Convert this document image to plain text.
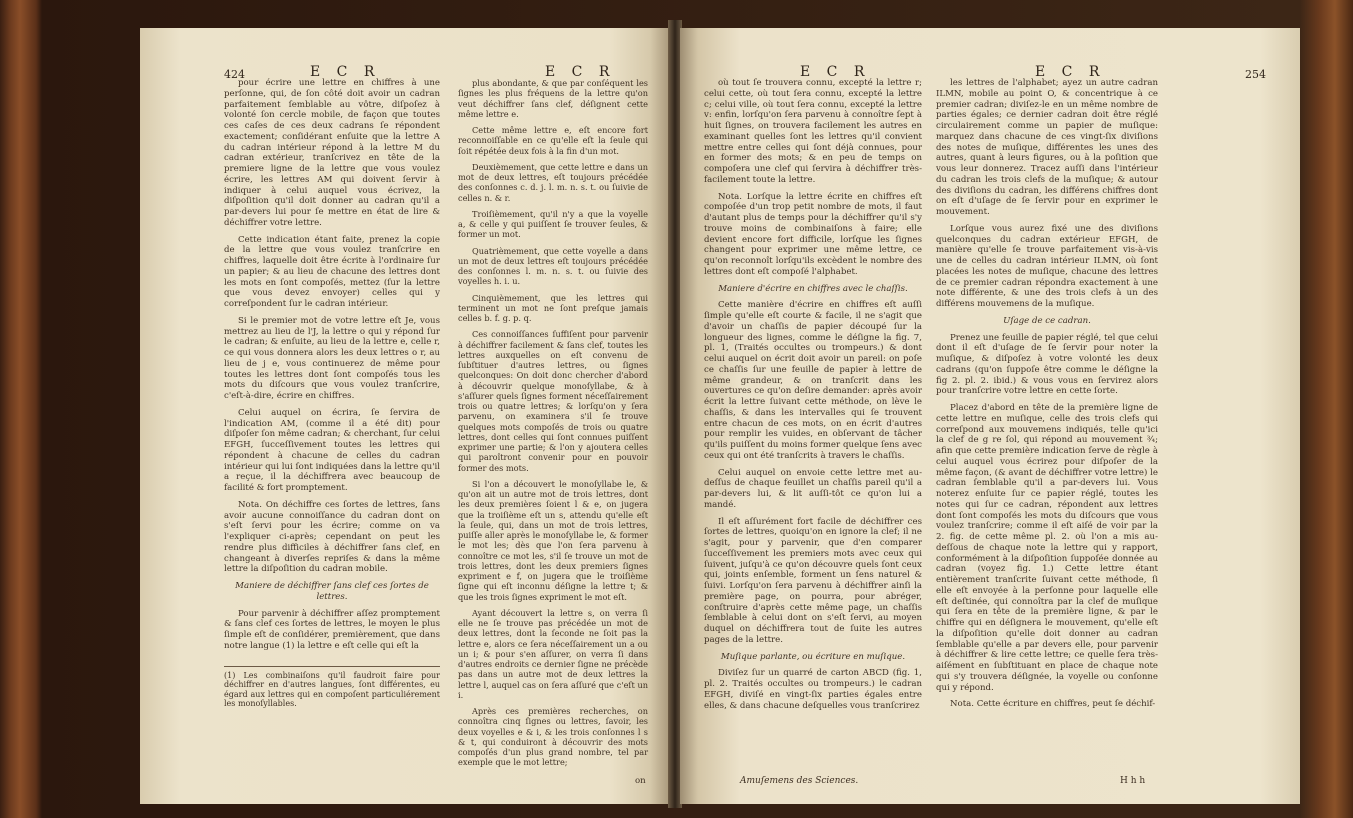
424	E C R	E C R

pour écrire une lettre en chiffres à une perſonne, qui, de ſon côté doit avoir un cadran parfaitement ſemblable au vôtre, diſpoſez à volonté ſon cercle mobile, de façon que toutes ces caſes de ces deux cadrans ſe répondent exactement; conſidérant enſuite que la lettre A du cadran intérieur répond à la lettre M du cadran extérieur, tranſcrivez en tête de la premiere ligne de la lettre que vous voulez écrire, les lettres AM qui doivent ſervir à indiquer à celui auquel vous écrivez, la diſpoſition qu'il doit donner au cadran qu'il a par-devers lui pour ſe mettre en état de lire & déchiffrer votre lettre.

Cette indication étant faite, prenez la copie de la lettre que vous voulez tranſcrire en chiffres, laquelle doit être écrite à l'ordinaire ſur un papier; & au lieu de chacune des lettres dont les mots en ſont compoſés, mettez (ſur la lettre que vous devez envoyer) celles qui y correſpondent ſur le cadran intérieur.

Si le premier mot de votre lettre eſt Je, vous mettrez au lieu de l'J, la lettre o qui y répond ſur le cadran; & enſuite, au lieu de la lettre e, celle r, ce qui vous donnera alors les deux lettres o r, au lieu de j e, vous continuerez de même pour toutes les lettres dont ſont compoſés tous les mots du diſcours que vous voulez tranſcrire, c'eſt-à-dire, écrire en chiffres.

Celui auquel on écrira, ſe ſervira de l'indication AM, (comme il a été dit) pour diſpoſer ſon même cadran; & cherchant, ſur celui EFGH, ſucceſſivement toutes les lettres qui répondent à chacune de celles du cadran intérieur qui lui ſont indiquées dans la lettre qu'il a reçue, il la déchiffrera avec beaucoup de facilité & fort promptement.

Nota. On déchiffre ces ſortes de lettres, ſans avoir aucune connoiſſance du cadran dont on s'eſt ſervi pour les écrire; comme on va l'expliquer ci-après; cependant on peut les rendre plus difficiles à déchiffrer ſans clef, en changeant à diverſes repriſes & dans la même lettre la diſpoſition du cadran mobile.

Maniere de déchiffrer ſans clef ces ſortes de lettres.

Pour parvenir à déchiffrer aſſez promptement & ſans clef ces ſortes de lettres, le moyen le plus ſimple eſt de conſidérer, premièrement, que dans notre langue (1) la lettre e eſt celle qui eſt la

(1) Les combinaiſons qu'il faudroit faire pour déchiffrer en d'autres langues, ſont différentes, eu égard aux lettres qui en compoſent particuliérement les monoſyllables.

plus abondante, & que par conſéquent les ſignes les plus fréquens de la lettre qu'on veut déchiffrer ſans clef, déſignent cette même lettre e.

Cette même lettre e, eſt encore fort reconnoiſſable en ce qu'elle eſt la ſeule qui ſoit répétée deux fois à la fin d'un mot.

Deuxièmement, que cette lettre e dans un mot de deux lettres, eſt toujours précédée des conſonnes c. d. j. l. m. n. s. t. ou ſuivie de celles n. & r.

Troiſièmement, qu'il n'y a que la voyelle a, & celle y qui puiſſent ſe trouver ſeules, & former un mot.

Quatrièmement, que cette voyelle a dans un mot de deux lettres eſt toujours précédée des conſonnes l. m. n. s. t. ou ſuivie des voyelles h. i. u.

Cinquièmement, que les lettres qui terminent un mot ne ſont preſque jamais celles b. f. g. p. q.

Ces connoiſſances ſuffiſent pour parvenir à déchiffrer facilement & ſans clef, toutes les lettres auxquelles on eſt convenu de ſubſtituer d'autres lettres, ou ſignes quelconques: On doit donc chercher d'abord à découvrir quelque monoſyllabe, & à s'aſſurer quels ſignes forment néceſſairement trois ou quatre lettres; & lorſqu'on y ſera parvenu, on examinera s'il ſe trouve quelques mots compoſés de trois ou quatre lettres, dont celles qui ſont connues puiſſent exprimer une partie; & l'on y ajoutera celles qui paroîtront convenir pour en pouvoir former des mots.

Si l'on a découvert le monoſyllabe le, & qu'on ait un autre mot de trois lettres, dont les deux premières ſoient l & e, on jugera que la troiſième eſt un s, attendu qu'elle eſt la ſeule, qui, dans un mot de trois lettres, puiſſe aller après le monoſyllabe le, & former le mot les; dès que l'on ſera parvenu à connoître ce mot les, s'il ſe trouve un mot de trois lettres, dont les deux premiers ſignes expriment e f, on jugera que le troiſième ſigne qui eſt inconnu déſigne la lettre t; & que les trois ſignes expriment le mot eſt.

Ayant découvert la lettre s, on verra ſi elle ne ſe trouve pas précédée un mot de deux lettres, dont la ſeconde ne ſoit pas la lettre e, alors ce ſera néceſſairement un a ou un i; & pour s'en aſſurer, on verra ſi dans d'autres endroits ce dernier ſigne ne précède pas dans un autre mot de deux lettres la lettre l, auquel cas on ſera aſſuré que c'eſt un i.

Après ces premières recherches, on connoîtra cinq ſignes ou lettres, ſavoir, les deux voyelles e & i, & les trois conſonnes l s & t, qui conduiront à découvrir des mots compoſés d'un plus grand nombre, tel par exemple que le mot lettre;

on
E C R	E C R	254

où tout ſe trouvera connu, excepté la lettre r; celui cette, où tout ſera connu, excepté la lettre c; celui ville, où tout ſera connu, excepté la lettre v: enfin, lorſqu'on ſera parvenu à connoître ſept à huit ſignes, on trouvera facilement les autres en examinant quelles ſont les lettres qu'il convient mettre entre celles qui ſont déjà connues, pour en former des mots; & en peu de temps on compoſera une clef qui ſervira à déchiffrer très-facilement toute la lettre.

Nota. Lorſque la lettre écrite en chiffres eſt compoſée d'un trop petit nombre de mots, il faut d'autant plus de temps pour la déchiffrer qu'il s'y trouve moins de combinaiſons à faire; elle devient encore fort difficile, lorſque les ſignes changent pour exprimer une même lettre, ce qu'on reconnoît lorſqu'ils excèdent le nombre des lettres dont eſt compoſé l'alphabet.

Maniere d'écrire en chiffres avec le chaſſis.

Cette manière d'écrire en chiffres eſt auſſi ſimple qu'elle eſt courte & facile, il ne s'agit que d'avoir un chaſſis de papier découpé ſur la longueur des lignes, comme le déſigne la fig. 7, pl. 1, (Traités occultes ou trompeurs.) & dont celui auquel on écrit doit avoir un pareil: on poſe ce chaſſis ſur une feuille de papier à lettre de même grandeur, & on tranſcrit dans les ouvertures ce qu'on deſire demander: après avoir écrit la lettre ſuivant cette méthode, on lève le chaſſis, & dans les intervalles qui ſe trouvent entre chacun de ces mots, on en écrit d'autres pour remplir les vuides, en obſervant de tâcher qu'ils puiſſent du moins former quelque ſens avec ceux qui ont été tranſcrits à travers le chaſſis.

Celui auquel on envoie cette lettre met au-deſſus de chaque feuillet un chaſſis pareil qu'il a par-devers lui, & lit auſſi-tôt ce qu'on lui a mandé.

Il eſt aſſurément fort facile de déchiffrer ces ſortes de lettres, quoiqu'on en ignore la clef; il ne s'agit, pour y parvenir, que d'en comparer ſucceſſivement les premiers mots avec ceux qui ſuivent, juſqu'à ce qu'on découvre quels ſont ceux qui, joints enſemble, forment un ſens naturel & ſuivi. Lorſqu'on ſera parvenu à déchiffrer ainſi la première page, on pourra, pour abréger, conſtruire d'après cette même page, un chaſſis ſemblable à celui dont on s'eſt ſervi, au moyen duquel on déchiffrera tout de ſuite les autres pages de la lettre.

Muſique parlante, ou écriture en muſique.

Diviſez ſur un quarré de carton ABCD (fig. 1, pl. 2. Traités occultes ou trompeurs.) le cadran EFGH, diviſé en vingt-ſix parties égales entre elles, & dans chacune deſquelles vous tranſcrirez

Amuſemens des Sciences.

les lettres de l'alphabet; ayez un autre cadran ILMN, mobile au point O, & concentrique à ce premier cadran; diviſez-le en un même nombre de parties égales; ce dernier cadran doit être réglé circulairement comme un papier de muſique: marquez dans chacune de ces vingt-ſix diviſions des notes de muſique, différentes les unes des autres, quant à leurs figures, ou à la poſition que vous leur donnerez. Tracez auſſi dans l'intérieur du cadran les trois clefs de la muſique; & autour des diviſions du cadran, les différens chiffres dont on eſt d'uſage de ſe ſervir pour en exprimer le mouvement.

Lorſque vous aurez fixé une des diviſions quelconques du cadran extérieur EFGH, de manière qu'elle ſe trouve parfaitement vis-à-vis une de celles du cadran intérieur ILMN, où ſont placées les notes de muſique, chacune des lettres de ce premier cadran répondra exactement à une note différente, & une des trois clefs à un des différens mouvemens de la muſique.

Uſage de ce cadran.

Prenez une feuille de papier réglé, tel que celui dont il eſt d'uſage de ſe ſervir pour noter la muſique, & diſpoſez à votre volonté les deux cadrans (qu'on ſuppoſe être comme le déſigne la fig 2. pl. 2. ibid.) & vous vous en ſervirez alors pour tranſcrire votre lettre en cette ſorte.

Placez d'abord en tête de la première ligne de cette lettre en muſique, celle des trois clefs qui correſpond aux mouvemens indiqués, telle qu'ici la clef de g re ſol, qui répond au mouvement ¾; afin que cette première indication ſerve de règle à celui auquel vous écrirez pour diſpoſer de la même façon, (& avant de déchiffrer votre lettre) le cadran ſemblable qu'il a par-devers lui. Vous noterez enſuite ſur ce papier réglé, toutes les notes qui ſur ce cadran, répondent aux lettres dont ſont compoſés les mots du diſcours que vous voulez tranſcrire; comme il eſt aiſé de voir par la 2. fig. de cette même pl. 2. où l'on a mis au-deſſous de chaque note la lettre qui y rapport, conformément à la diſpoſition ſuppoſée donnée au cadran (voyez fig. 1.) Cette lettre étant entièrement tranſcrite ſuivant cette méthode, ſi elle eſt envoyée à la perſonne pour laquelle elle eſt deſtinée, qui connoîtra par la clef de muſique qui ſera en tête de la première ligne, & par le chiffre qui en déſignera le mouvement, qu'elle eſt la diſpoſition qu'elle doit donner au cadran ſemblable qu'elle a par devers elle, pour parvenir à déchiffrer & lire cette lettre; ce quelle ſera très-aiſément en ſubſtituant en place de chaque note qui s'y trouvera déſignée, la voyelle ou conſonne qui y répond.

Nota. Cette écriture en chiffres, peut ſe déchif-

H h h
